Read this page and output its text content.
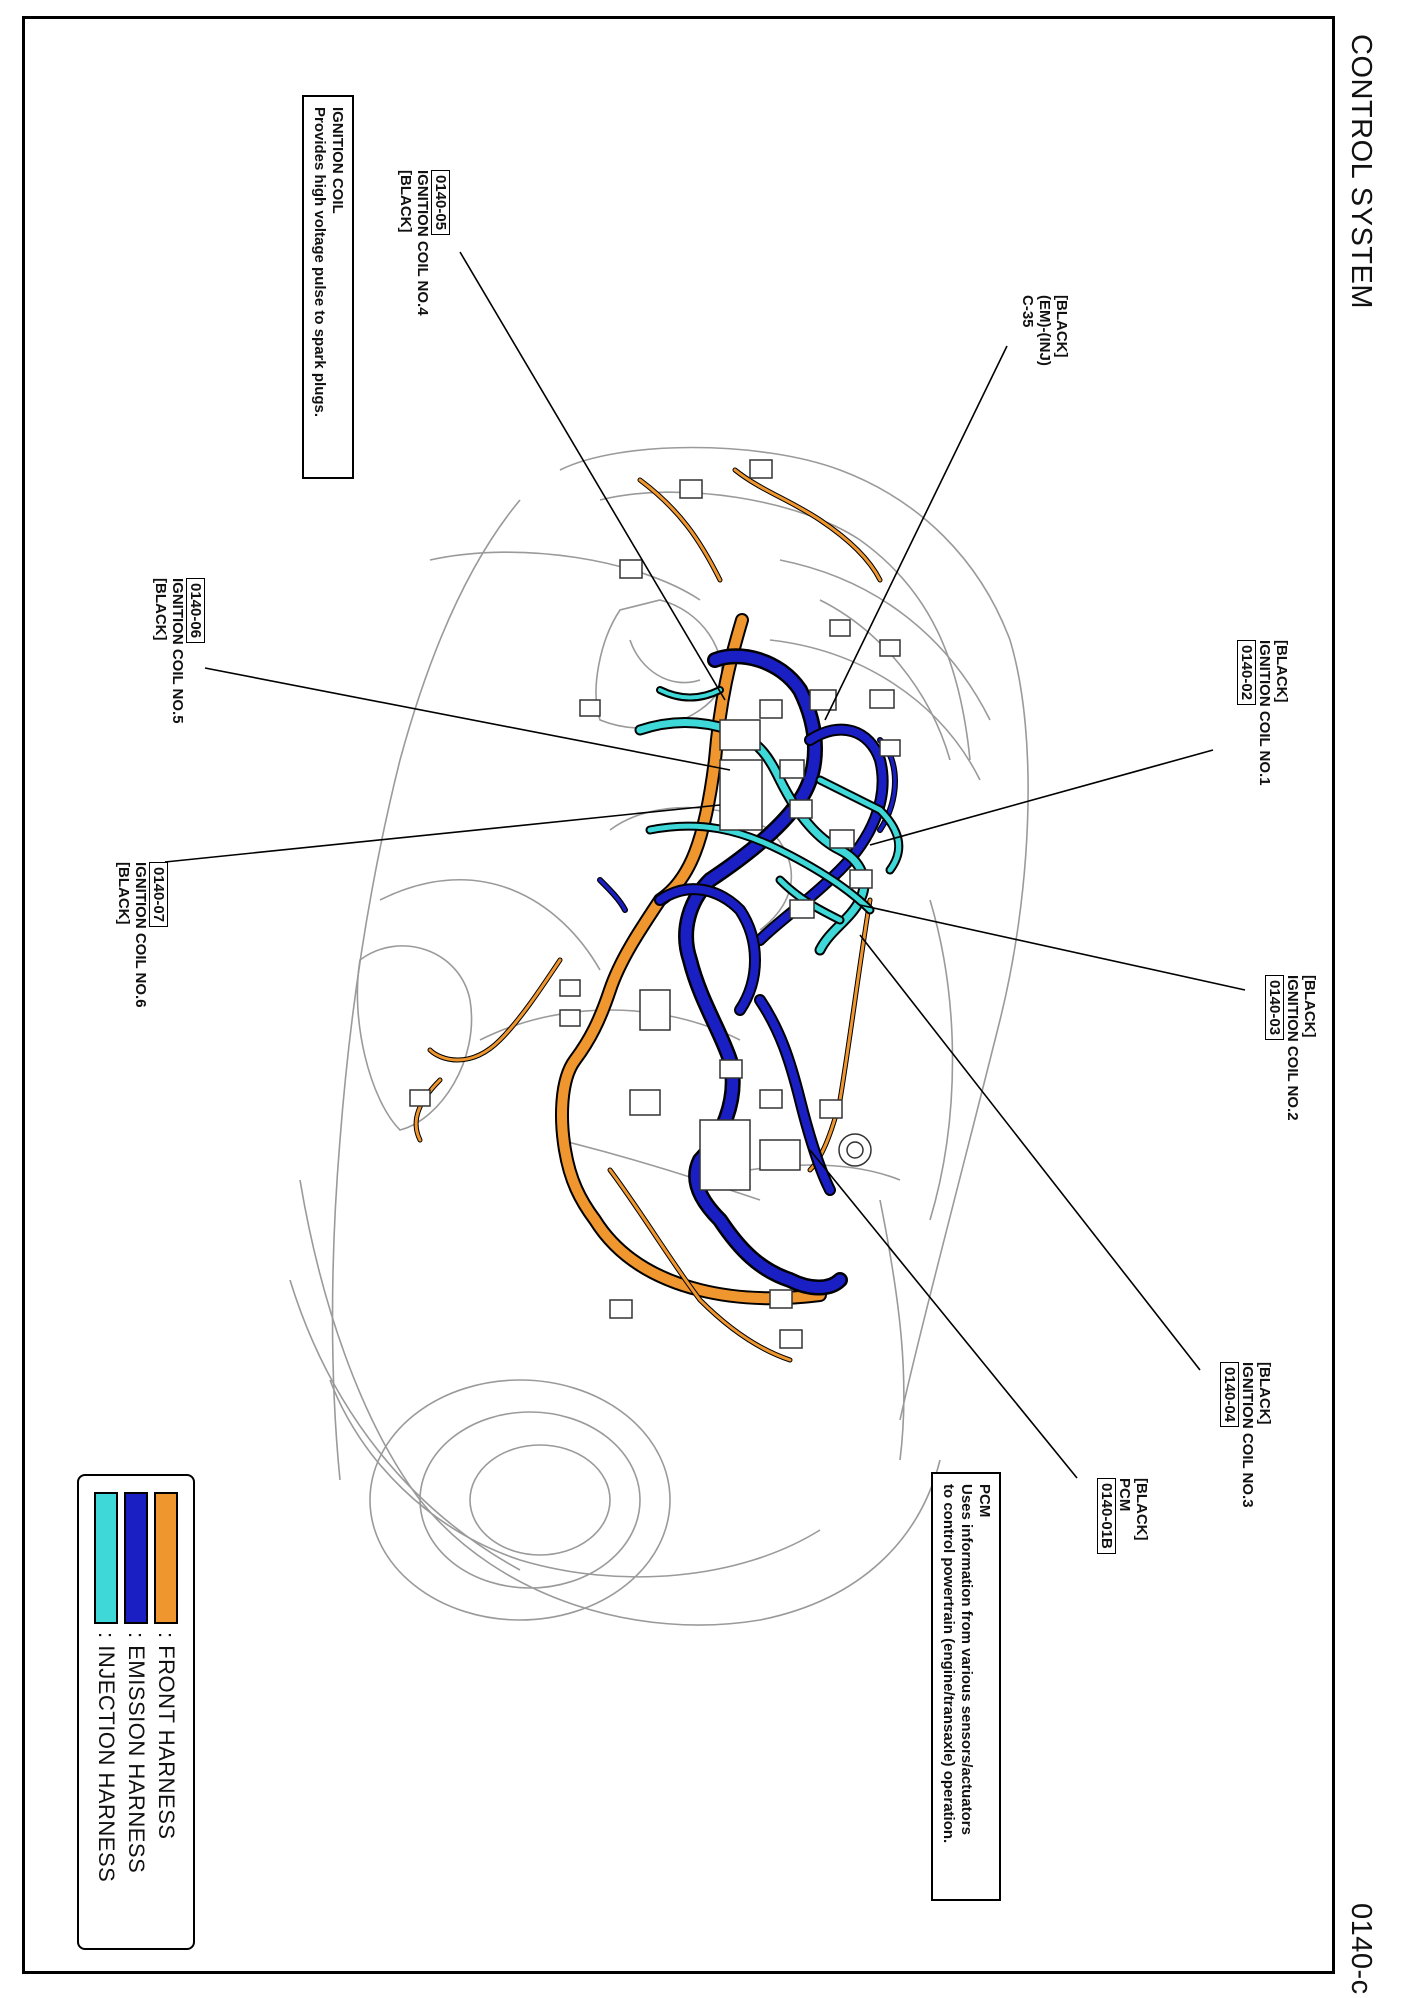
CONTROL SYSTEM
0140-c
IGNITION COIL
Provides high voltage pulse to spark plugs.	0140-05
IGNITION COIL NO.4
[BLACK]
0140-06
IGNITION COIL NO.5
[BLACK]
0140-07
IGNITION COIL NO.6
[BLACK]
[BLACK]
(EM)-(INJ)
C-35
[BLACK]
IGNITION COIL NO.1
0140-02
[BLACK]
IGNITION COIL NO.2
0140-03
[BLACK]
IGNITION COIL NO.3
0140-04
[BLACK]
PCM
0140-01B
PCM
Uses information from various sensors/actuators
to control powertrain (engine/transaxle) operation.
: FRONT HARNESS
: EMISSION HARNESS
: INJECTION HARNESS
